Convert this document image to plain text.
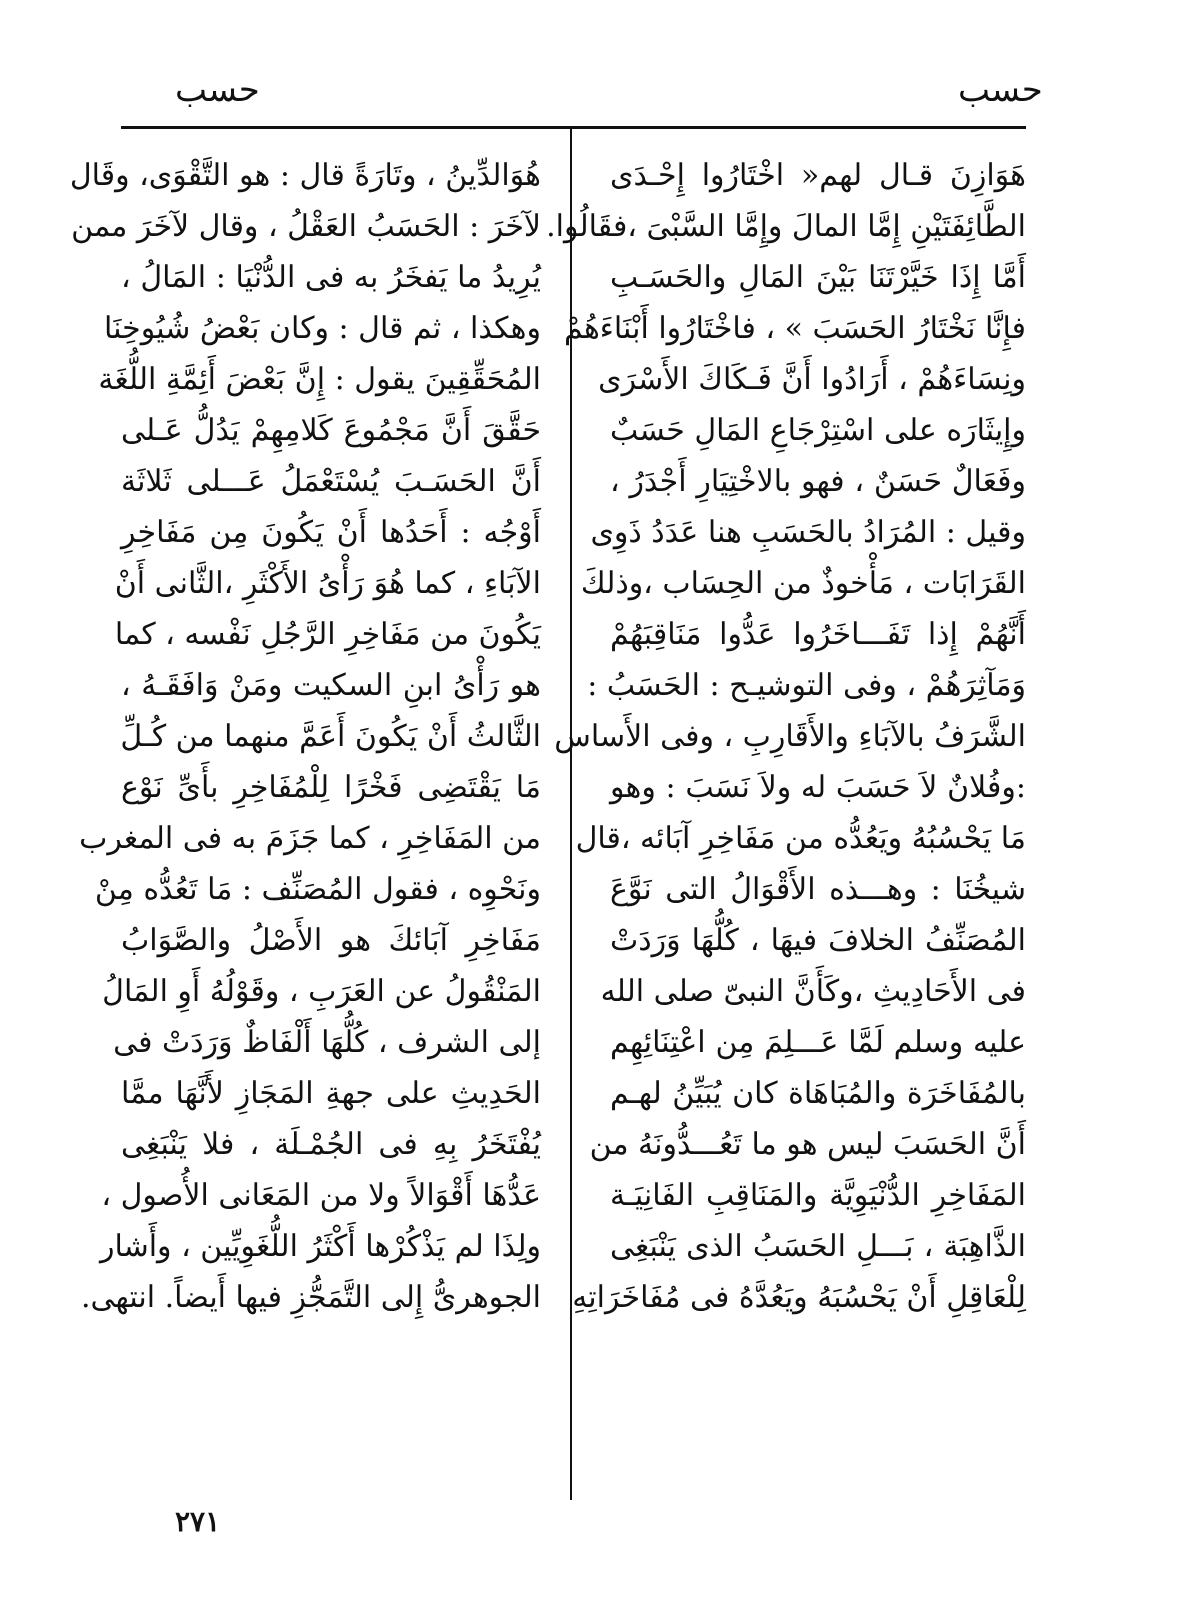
حسب	حسب
هَوَازِنَ قـال لهم« اخْتَارُوا إِحْـدَى
الطَّائِفَتَيْنِ إِمَّا المالَ وإِمَّا السَّبْىَ ،فقَالُوا.
أَمَّا إِذَا خَيَّرْتَنَا بَيْنَ المَالِ والحَسَـبِ
فإِنَّا نَخْتَارُ الحَسَبَ » ، فاخْتَارُوا أَبْنَاءَهُمْ
ونِسَاءَهُمْ ، أَرَادُوا أَنَّ فَـكَاكَ الأَسْرَى
وإِيثَارَه على اسْتِرْجَاعِ المَالِ حَسَبٌ
وفَعَالٌ حَسَنٌ ، فهو بالاخْتِيَارِ أَجْدَرُ ،
وقيل : المُرَادُ بالحَسَبِ هنا عَدَدُ ذَوِى
القَرَابَات ، مَأْخوذٌ من الحِسَاب ،وذلكَ
أَنَّهُمْ إِذا تَفَـــاخَرُوا عَدُّوا مَنَاقِبَهُمْ
وَمَآثِرَهُمْ ، وفى التوشيـح : الحَسَبُ :
الشَّرَفُ بالآبَاءِ والأَقَارِبِ ، وفى الأَساس
:وفُلانٌ لاَ حَسَبَ له ولاَ نَسَبَ : وهو
مَا يَحْسُبُهُ ويَعُدُّه من مَفَاخِرِ آبَائه ،قال
شيخُنَا : وهـــذه الأَقْوَالُ التى نَوَّعَ
المُصَنِّفُ الخلافَ فيهَا ، كُلُّهَا وَرَدَتْ
فى الأَحَادِيثِ ،وكَأَنَّ النبىّ صلى الله
عليه وسلم لَمَّا عَـــلِمَ مِن اعْتِنَائِهِم
بالمُفَاخَرَة والمُبَاهَاة كان يُبَيِّنُ لهـم
أَنَّ الحَسَبَ ليس هو ما تَعُـــدُّونَهُ من
المَفَاخِرِ الدُّنْيَوِيَّة والمَنَاقِبِ الفَانِيَـة
الذَّاهِبَة ، بَـــلِ الحَسَبُ الذى يَنْبَغِى
لِلْعَاقِلِ أَنْ يَحْسُبَهُ ويَعُدَّهُ فى مُفَاخَرَاتِهِ
هُوَالدِّينُ ، وتَارَةً قال : هو التَّقْوَى، وقَال
لآخَرَ : الحَسَبُ العَقْلُ ، وقال لآخَرَ ممن
يُرِيدُ ما يَفخَرُ به فى الدُّنْيَا : المَالُ ،
وهكذا ، ثم قال : وكان بَعْضُ شُيُوخِنَا
المُحَقِّقِينَ يقول : إِنَّ بَعْضَ أَئِمَّةِ اللُّغَة
حَقَّقَ أَنَّ مَجْمُوعَ كَلامِهِمْ يَدُلُّ عَـلى
أَنَّ الحَسَـبَ يُسْتَعْمَلُ عَـــلى ثَلاثَة
أَوْجُه : أَحَدُها أَنْ يَكُونَ مِن مَفَاخِرِ
الآبَاءِ ، كما هُوَ رَأْىُ الأَكْثَرِ ،الثَّانى أَنْ
يَكُونَ من مَفَاخِرِ الرَّجُلِ نَفْسه ، كما
هو رَأْىُ ابنِ السكيت ومَنْ وَافَقَـهُ ،
الثَّالثُ أَنْ يَكُونَ أَعَمَّ منهما من كُـلِّ
مَا يَقْتَضِى فَخْرًا لِلْمُفَاخِرِ بأَىِّ نَوْع
من المَفَاخِرِ ، كما جَزَمَ به فى المغرب
ونَحْوِه ، فقول المُصَنِّف : مَا تَعُدُّه مِنْ
مَفَاخِرِ آبَائكَ هو الأَصْلُ والصَّوَابُ
المَنْقُولُ عن العَرَبِ ، وقَوْلُهُ أَوِ المَالُ
إلى الشرف ، كُلُّهَا أَلْفَاظٌ وَرَدَتْ فى
الحَدِيثِ على جهةِ المَجَازِ لأَنَّهَا ممَّا
يُفْتَخَرُ بِهِ فى الجُمْـلَة ، فلا يَنْبَغِى
عَدُّهَا أَقْوَالاً ولا من المَعَانى الأُصول ،
ولِذَا لم يَذْكُرْها أَكْثَرُ اللُّغَوِيِّين ، وأَشار
الجوهرىُّ إِلى التَّمَجُّزِ فيها أَيضاً. انتهى.
٢٧١
